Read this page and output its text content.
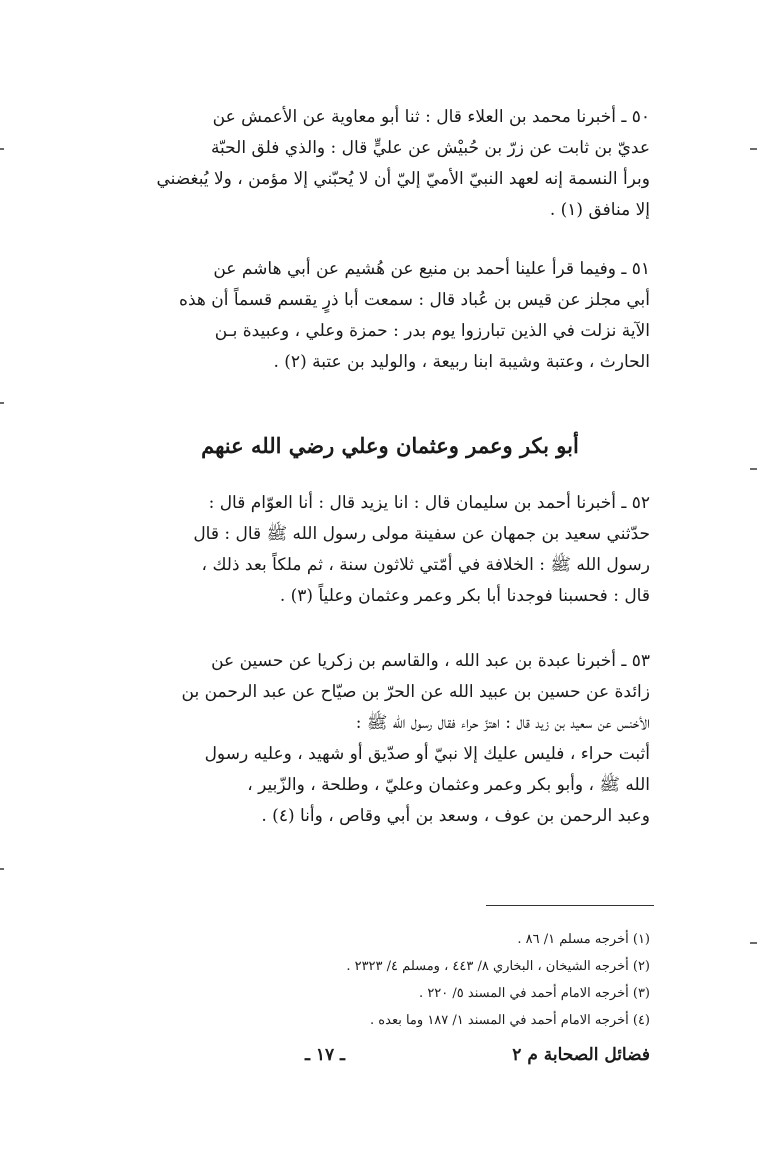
٥٠ ـ أخبرنا محمد بن العلاء قال : ثنا أبو معاوية عن الأعمش عن
عديّ بن ثابت عن زرّ بن حُبيْش عن عليٍّ قال : والذي فلق الحبّة
وبرأ النسمة إنه لعهد النبيّ الأميّ إليّ أن لا يُحبّني إلا مؤمن ، ولا يُبغضني
إلا منافق (١) .
٥١ ـ وفيما قرأ علينا أحمد بن منيع عن هُشيم عن أبي هاشم عن
أبي مجلز عن قيس بن عُباد قال : سمعت أبا ذرٍ يقسم قسماً أن هذه
الآية نزلت في الذين تبارزوا يوم بدر : حمزة وعلي ، وعبيدة بـن
الحارث ، وعتبة وشيبة ابنا ربيعة ، والوليد بن عتبة (٢) .
أبو بكر وعمر وعثمان وعلي رضي الله عنهم
٥٢ ـ أخبرنا أحمد بن سليمان قال : انا يزيد قال : أنا العوّام قال :
حدّثني سعيد بن جمهان عن سفينة مولى رسول الله ﷺ قال : قال
رسول الله ﷺ : الخلافة في أمّتي ثلاثون سنة ، ثم ملكاً بعد ذلك ،
قال : فحسبنا فوجدنا أبا بكر وعمر وعثمان وعلياً (٣) .
٥٣ ـ أخبرنا عبدة بن عبد الله ، والقاسم بن زكريا عن حسين عن
زائدة عن حسين بن عبيد الله عن الحرّ بن صيّاح عن عبد الرحمن بن
الأخنس عن سعيد بن زيد قال : اهتزّ حراء فقال رسول الله ﷺ :
أثبت حراء ، فليس عليك إلا نبيّ أو صدّيق أو شهيد ، وعليه رسول
الله ﷺ ، وأبو بكر وعمر وعثمان وعليّ ، وطلحة ، والزّبير ،
وعبد الرحمن بن عوف ، وسعد بن أبي وقاص ، وأنا (٤) .
(١) أخرجه مسلم ١/ ٨٦ .
(٢) أخرجه الشيخان ، البخاري ٨/ ٤٤٣ ، ومسلم ٤/ ٢٣٢٣ .
(٣) أخرجه الامام أحمد في المسند ٥/ ٢٢٠ .
(٤) أخرجه الامام أحمد في المسند ١/ ١٨٧ وما بعده .
فضائل الصحابة م ٢
ـ ١٧ ـ
